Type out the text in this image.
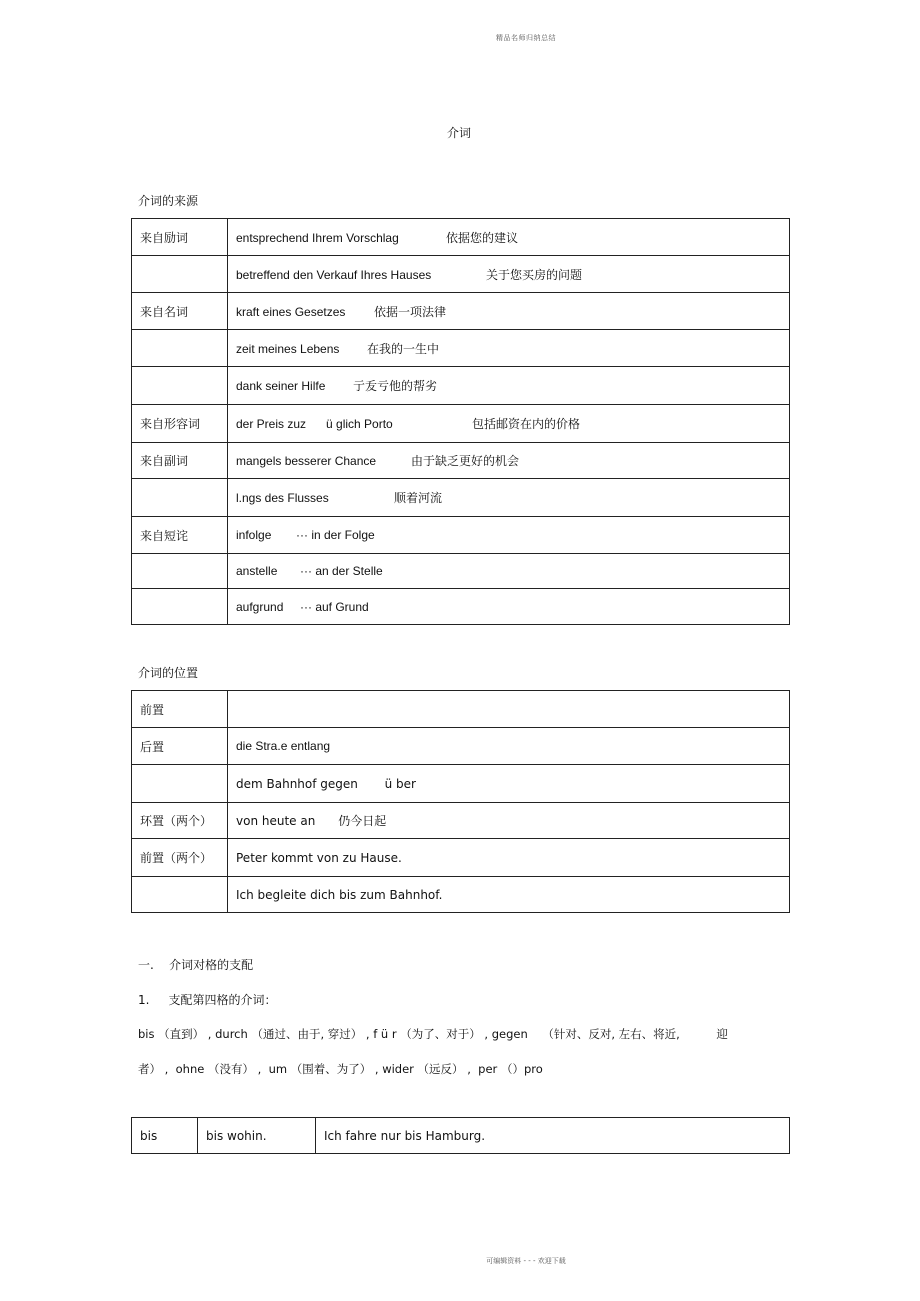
精品名师归纳总结
介词
介词的来源
来自励词	entsprechend Ihrem Vorschlag 依据您的建议
	betreffend den Verkauf Ihres Hauses 关于您买房的问题
来自名词	kraft eines Gesetzes 依据一项法律
	zeit meines Lebens 在我的一生中
	dank seiner Hilfe 亍叐亏他的帮劣
来自形容词	der Preis zuz      ü glich Porto 包括邮资在内的价格
来自副词	mangels besserer Chance 由于缺乏更好的机会
	l.ngs des Flusses 顺着河流
来自短诧	infolge ··· in der Folge
	anstelle ··· an der Stelle
	aufgrund ··· auf Grund
介词的位置
前置	
后置	die Stra.e entlang
	dem Bahnhof gegen       ü ber
环置（两个）	von heute an      仍今日起
前置（两个）	Peter kommt von zu Hause.
	Ich begleite dich bis zum Bahnhof.
一.    介词对格的支配
1.     支配第四格的介词：
bis （直到） , durch （通过、由于, 穿过） , f ü r （为了、对于） , gegen    （针对、反对, 左右、将近,          迎
者） ,  ohne （没有） ,  um （围着、为了） , wider （远反） ,  per （）pro
bis	bis wohin.	Ich fahre nur bis Hamburg.
可编辑资料 - - - 欢迎下载
